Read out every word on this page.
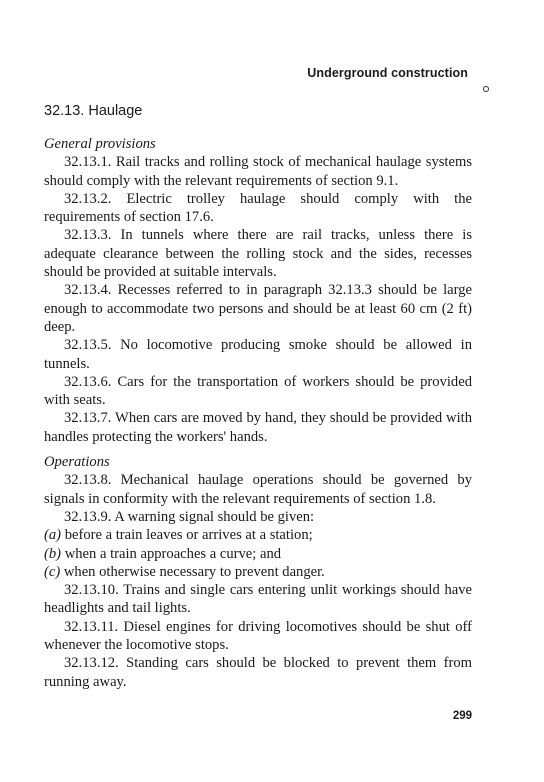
Underground construction
32.13. Haulage

General provisions

32.13.1. Rail tracks and rolling stock of mechanical haulage systems should comply with the relevant requirements of section 9.1.

32.13.2. Electric trolley haulage should comply with the requirements of section 17.6.

32.13.3. In tunnels where there are rail tracks, unless there is adequate clearance between the rolling stock and the sides, recesses should be provided at suitable intervals.

32.13.4. Recesses referred to in paragraph 32.13.3 should be large enough to accommodate two persons and should be at least 60 cm (2 ft) deep.

32.13.5. No locomotive producing smoke should be allowed in tunnels.

32.13.6. Cars for the transportation of workers should be provided with seats.

32.13.7. When cars are moved by hand, they should be provided with handles protecting the workers' hands.

Operations

32.13.8. Mechanical haulage operations should be governed by signals in conformity with the relevant requirements of section 1.8.

32.13.9. A warning signal should be given:

(a) before a train leaves or arrives at a station;

(b) when a train approaches a curve; and

(c) when otherwise necessary to prevent danger.

32.13.10. Trains and single cars entering unlit workings should have headlights and tail lights.

32.13.11. Diesel engines for driving locomotives should be shut off whenever the locomotive stops.

32.13.12. Standing cars should be blocked to prevent them from running away.

299
